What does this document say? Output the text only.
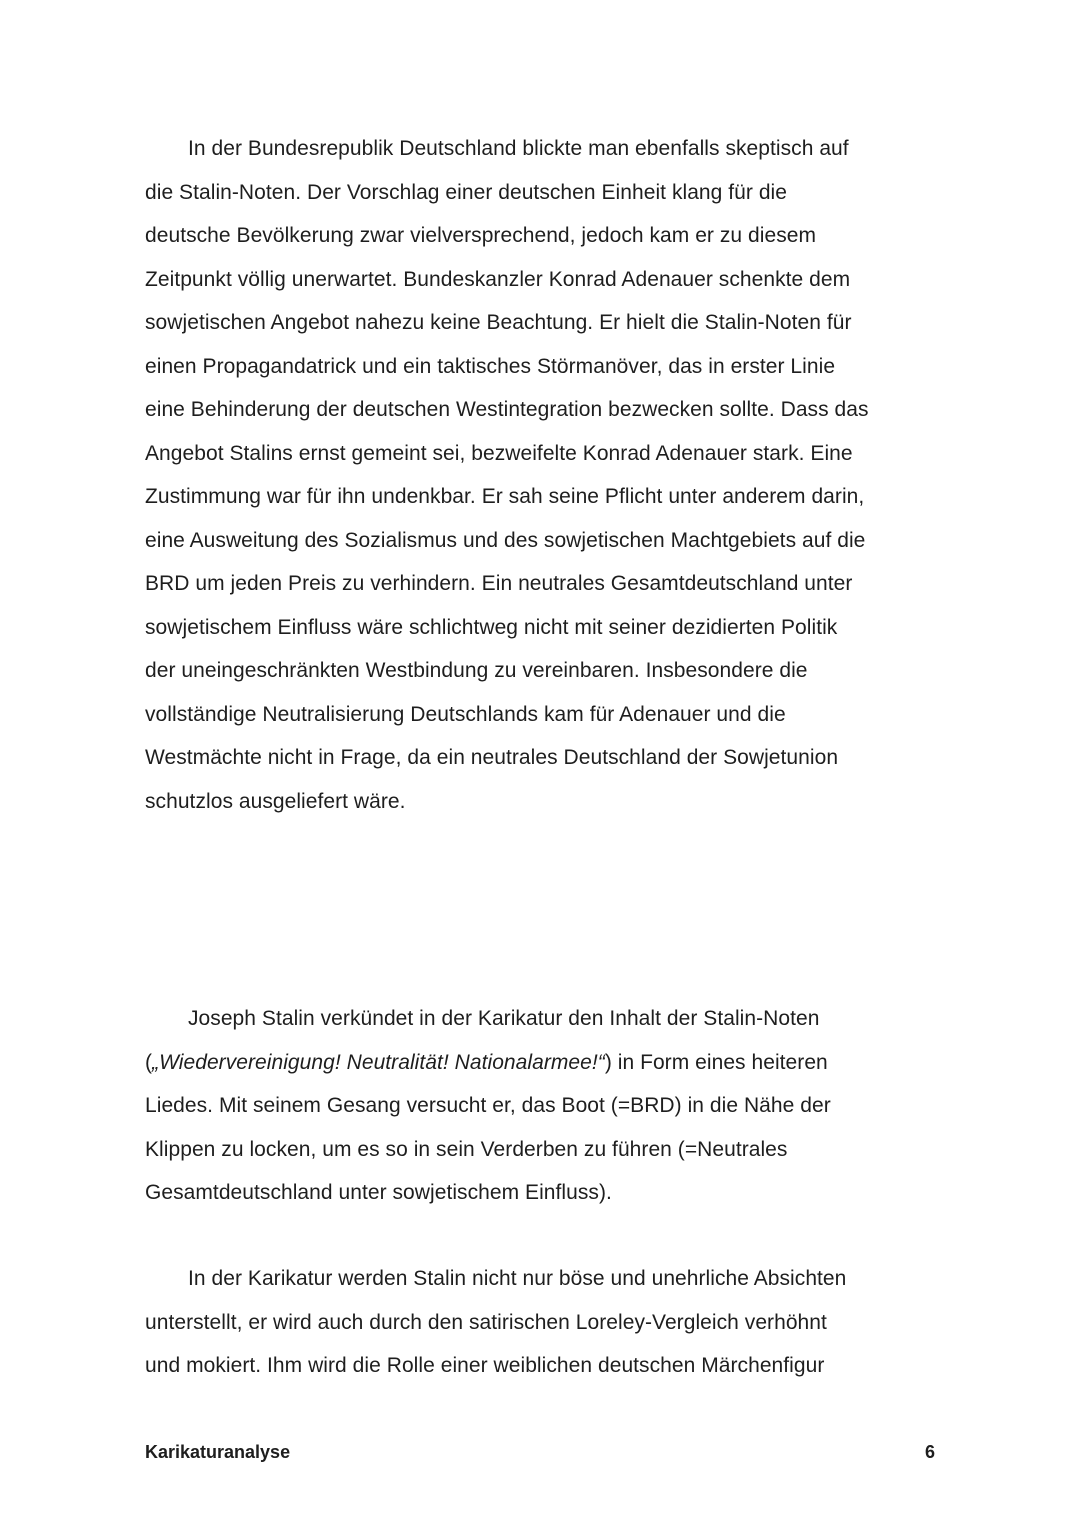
In der Bundesrepublik Deutschland blickte man ebenfalls skeptisch auf
die Stalin-Noten. Der Vorschlag einer deutschen Einheit klang für die
deutsche Bevölkerung zwar vielversprechend, jedoch kam er zu diesem
Zeitpunkt völlig unerwartet. Bundeskanzler Konrad Adenauer schenkte dem
sowjetischen Angebot nahezu keine Beachtung. Er hielt die Stalin-Noten für
einen Propagandatrick und ein taktisches Störmanöver, das in erster Linie
eine Behinderung der deutschen Westintegration bezwecken sollte. Dass das
Angebot Stalins ernst gemeint sei, bezweifelte Konrad Adenauer stark. Eine
Zustimmung war für ihn undenkbar. Er sah seine Pflicht unter anderem darin,
eine Ausweitung des Sozialismus und des sowjetischen Machtgebiets auf die
BRD um jeden Preis zu verhindern. Ein neutrales Gesamtdeutschland unter
sowjetischem Einfluss wäre schlichtweg nicht mit seiner dezidierten Politik
der uneingeschränkten Westbindung zu vereinbaren. Insbesondere die
vollständige Neutralisierung Deutschlands kam für Adenauer und die
Westmächte nicht in Frage, da ein neutrales Deutschland der Sowjetunion
schutzlos ausgeliefert wäre.

Joseph Stalin verkündet in der Karikatur den Inhalt der Stalin-Noten
(„Wiedervereinigung! Neutralität! Nationalarmee!“) in Form eines heiteren
Liedes. Mit seinem Gesang versucht er, das Boot (=BRD) in die Nähe der
Klippen zu locken, um es so in sein Verderben zu führen (=Neutrales
Gesamtdeutschland unter sowjetischem Einfluss).

In der Karikatur werden Stalin nicht nur böse und unehrliche Absichten
unterstellt, er wird auch durch den satirischen Loreley-Vergleich verhöhnt
und mokiert. Ihm wird die Rolle einer weiblichen deutschen Märchenfigur

Karikaturanalyse	6
